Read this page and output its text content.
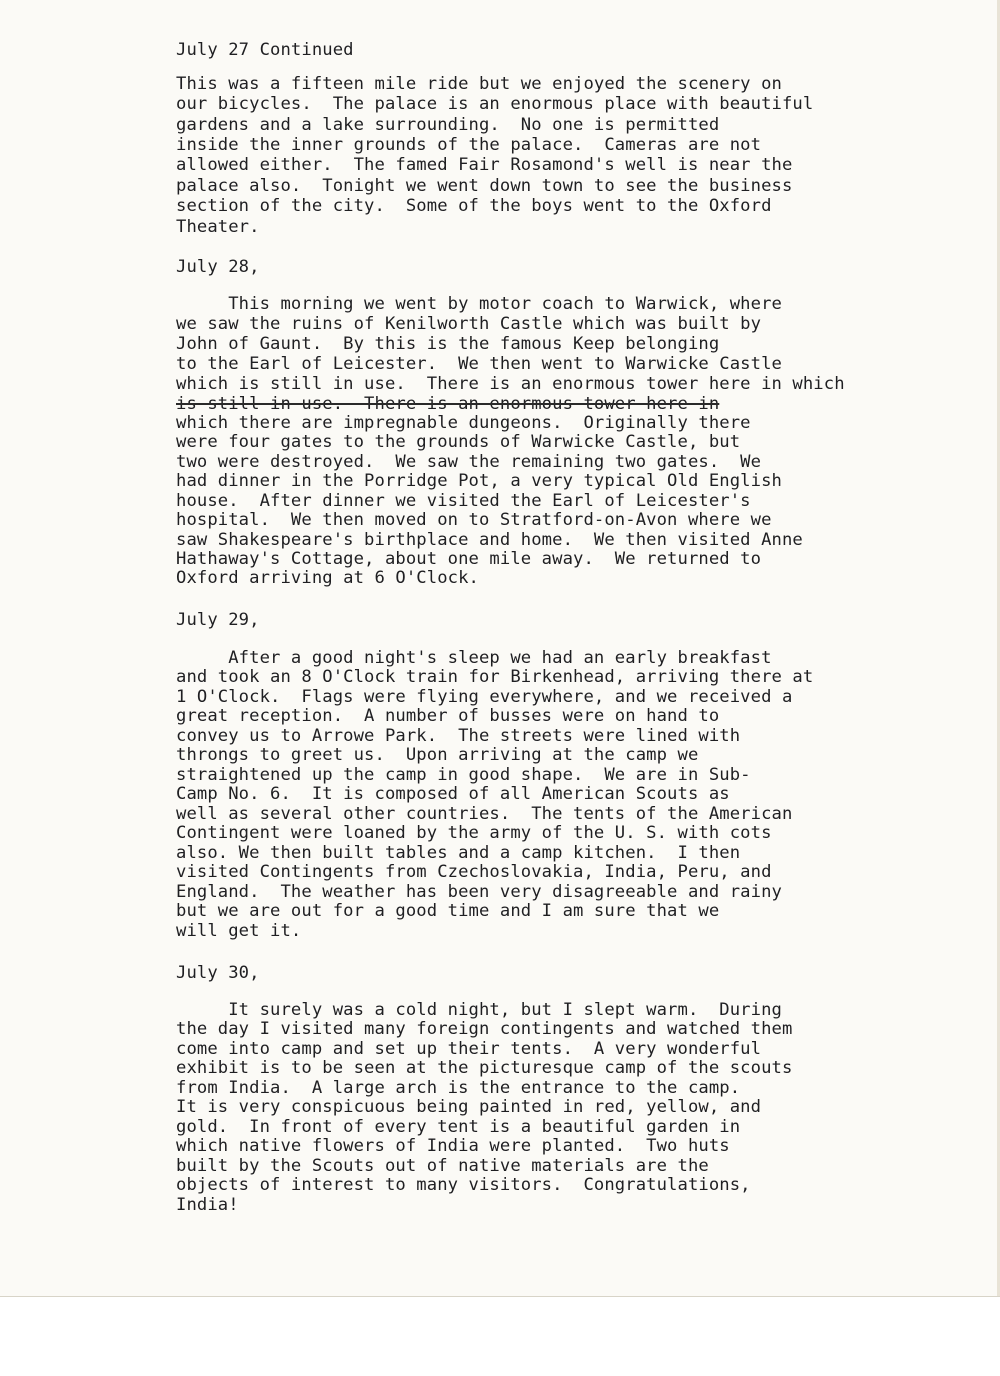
July 27 Continued
This was a fifteen mile ride but we enjoyed the scenery on
our bicycles.  The palace is an enormous place with beautiful
gardens and a lake surrounding.  No one is permitted
inside the inner grounds of the palace.  Cameras are not
allowed either.  The famed Fair Rosamond's well is near the
palace also.  Tonight we went down town to see the business
section of the city.  Some of the boys went to the Oxford
Theater.
July 28,
This morning we went by motor coach to Warwick, where
we saw the ruins of Kenilworth Castle which was built by
John of Gaunt.  By this is the famous Keep belonging
to the Earl of Leicester.  We then went to Warwicke Castle
which is still in use.  There is an enormous tower here in which
is still in use.  There is an enormous tower here in
which there are impregnable dungeons.  Originally there
were four gates to the grounds of Warwicke Castle, but
two were destroyed.  We saw the remaining two gates.  We
had dinner in the Porridge Pot, a very typical Old English
house.  After dinner we visited the Earl of Leicester's
hospital.  We then moved on to Stratford-on-Avon where we
saw Shakespeare's birthplace and home.  We then visited Anne
Hathaway's Cottage, about one mile away.  We returned to
Oxford arriving at 6 O'Clock.
July 29,
After a good night's sleep we had an early breakfast
and took an 8 O'Clock train for Birkenhead, arriving there at
1 O'Clock.  Flags were flying everywhere, and we received a
great reception.  A number of busses were on hand to
convey us to Arrowe Park.  The streets were lined with
throngs to greet us.  Upon arriving at the camp we
straightened up the camp in good shape.  We are in Sub-
Camp No. 6.  It is composed of all American Scouts as
well as several other countries.  The tents of the American
Contingent were loaned by the army of the U. S. with cots
also. We then built tables and a camp kitchen.  I then
visited Contingents from Czechoslovakia, India, Peru, and
England.  The weather has been very disagreeable and rainy
but we are out for a good time and I am sure that we
will get it.
July 30,
It surely was a cold night, but I slept warm.  During
the day I visited many foreign contingents and watched them
come into camp and set up their tents.  A very wonderful
exhibit is to be seen at the picturesque camp of the scouts
from India.  A large arch is the entrance to the camp.
It is very conspicuous being painted in red, yellow, and
gold.  In front of every tent is a beautiful garden in
which native flowers of India were planted.  Two huts
built by the Scouts out of native materials are the
objects of interest to many visitors.  Congratulations,
India!
